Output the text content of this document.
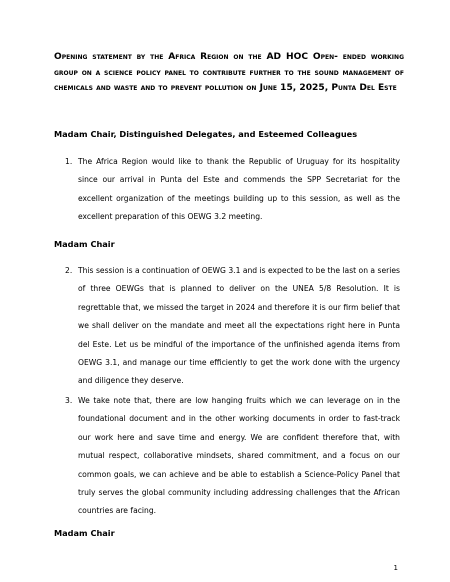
Opening statement by the Africa Region on the AD HOC Open- ended working group on a science policy panel to contribute further to the sound management of chemicals and waste and to prevent pollution on June 15, 2025, Punta Del Este
Madam Chair, Distinguished Delegates, and Esteemed Colleagues
1. The Africa Region would like to thank the Republic of Uruguay for its hospitality since our arrival in Punta del Este and commends the SPP Secretariat for the excellent organization of the meetings building up to this session, as well as the excellent preparation of this OEWG 3.2 meeting.
Madam Chair
2. This session is a continuation of OEWG 3.1 and is expected to be the last on a series of three OEWGs that is planned to deliver on the UNEA 5/8 Resolution. It is regrettable that, we missed the target in 2024 and therefore it is our firm belief that we shall deliver on the mandate and meet all the expectations right here in Punta del Este. Let us be mindful of the importance of the unfinished agenda items from OEWG 3.1, and manage our time efficiently to get the work done with the urgency and diligence they deserve.
3. We take note that, there are low hanging fruits which we can leverage on in the foundational document and in the other working documents in order to fast-track our work here and save time and energy. We are confident therefore that, with mutual respect, collaborative mindsets, shared commitment, and a focus on our common goals, we can achieve and be able to establish a Science-Policy Panel that truly serves the global community including addressing challenges that the African countries are facing.
Madam Chair
1
